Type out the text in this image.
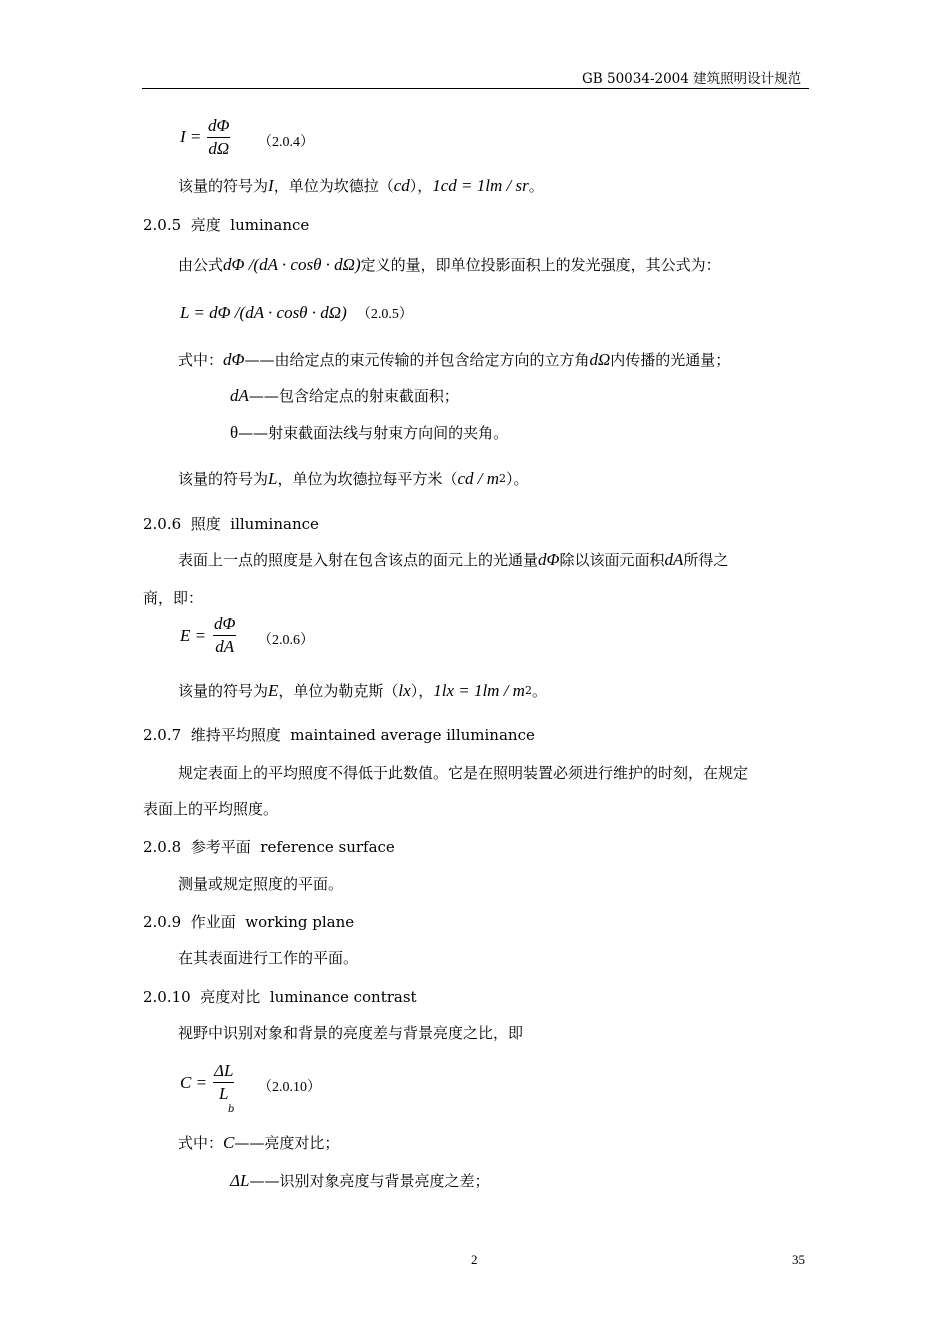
GB 50034-2004 建筑照明设计规范
$I = \frac{d\Phi}{d\Omega} (2.0.4)$
该量的符号为I，单位为坎德拉（cd），1cd = 1lm / sr。
2.0.5 亮度 luminance
由公式dΦ /(dA · cosθ · dΩ)定义的量，即单位投影面积上的发光强度，其公式为：
L = dΦ /(dA · cosθ · dΩ) （2.0.5）
式中：dΦ——由给定点的束元传输的并包含给定方向的立方角dΩ内传播的光通量；
dA——包含给定点的射束截面积；
θ——射束截面法线与射束方向间的夹角。
该量的符号为L，单位为坎德拉每平方米（cd / m2）。
2.0.6 照度 illuminance
表面上一点的照度是入射在包含该点的面元上的光通量dΦ除以该面元面积dA所得之
商，即：
$E = \frac{d\Phi}{dA} (2.0.6)$
该量的符号为E，单位为勒克斯（lx），1lx = 1lm / m2。
2.0.7 维持平均照度 maintained average illuminance
规定表面上的平均照度不得低于此数值。它是在照明装置必须进行维护的时刻，在规定
表面上的平均照度。
2.0.8 参考平面 reference surface
测量或规定照度的平面。
2.0.9 作业面 working plane
在其表面进行工作的平面。
2.0.10 亮度对比 luminance contrast
视野中识别对象和背景的亮度差与背景亮度之比，即
$C = \frac{\Delta L}{L}$
b
（2.0.10）
式中：C——亮度对比；
ΔL——识别对象亮度与背景亮度之差；
2	35
